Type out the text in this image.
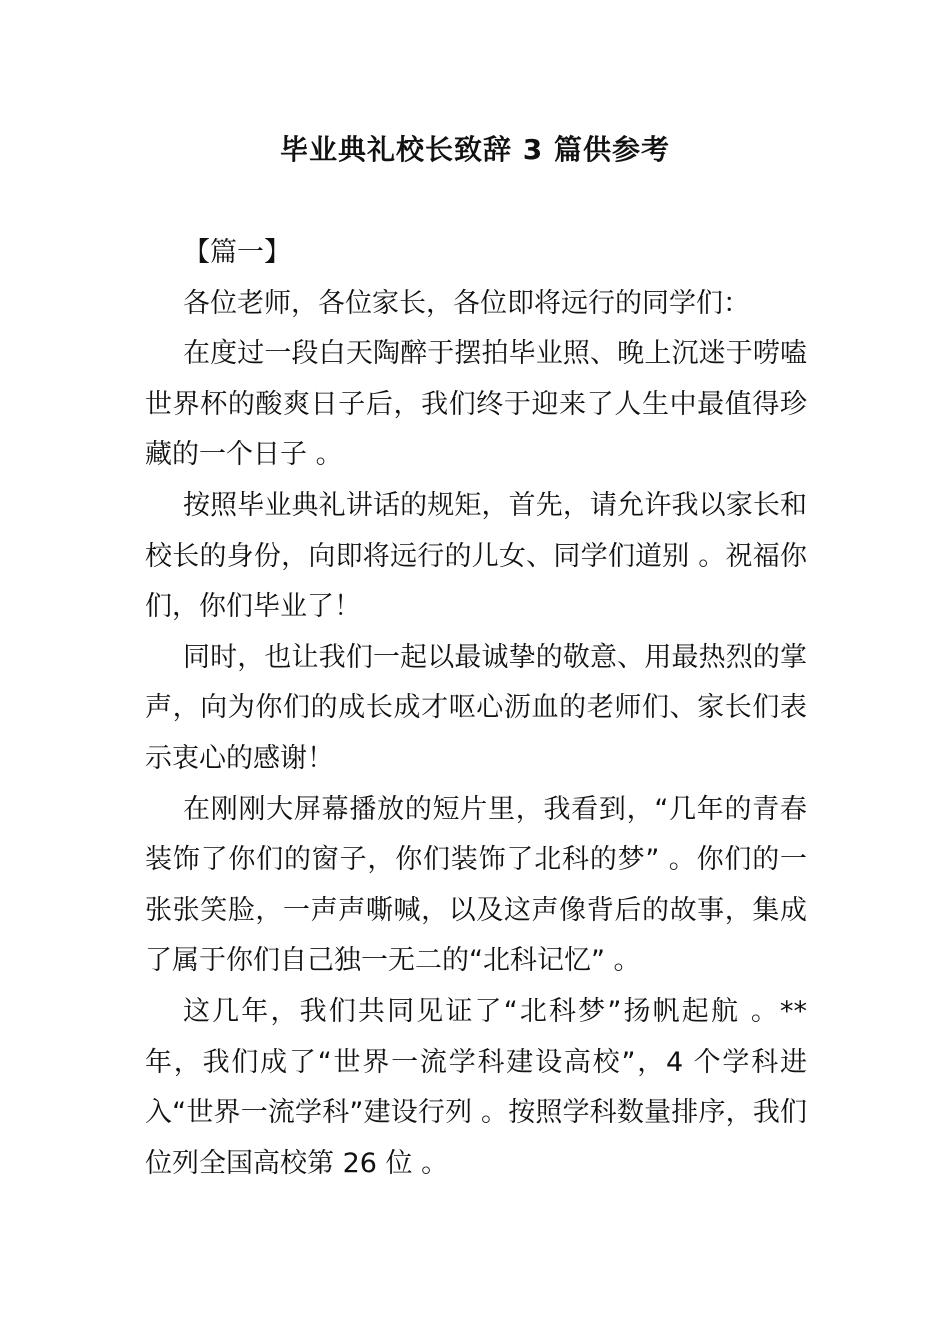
毕业典礼校长致辞 3 篇供参考

【篇一】

各位老师，各位家长，各位即将远行的同学们：

在度过一段白天陶醉于摆拍毕业照、晚上沉迷于唠嗑世界杯的酸爽日子后，我们终于迎来了人生中最值得珍藏的一个日子 。

按照毕业典礼讲话的规矩，首先，请允许我以家长和校长的身份，向即将远行的儿女、同学们道别 。祝福你们，你们毕业了！

同时，也让我们一起以最诚挚的敬意、用最热烈的掌声，向为你们的成长成才呕心沥血的老师们、家长们表示衷心的感谢！

在刚刚大屏幕播放的短片里，我看到，“几年的青春装饰了你们的窗子，你们装饰了北科的梦” 。你们的一张张笑脸，一声声嘶喊，以及这声像背后的故事，集成了属于你们自己独一无二的“北科记忆” 。

这几年，我们共同见证了“北科梦”扬帆起航 。**年，我们成了“世界一流学科建设高校”，4 个学科进入“世界一流学科”建设行列 。按照学科数量排序，我们位列全国高校第 26 位 。
